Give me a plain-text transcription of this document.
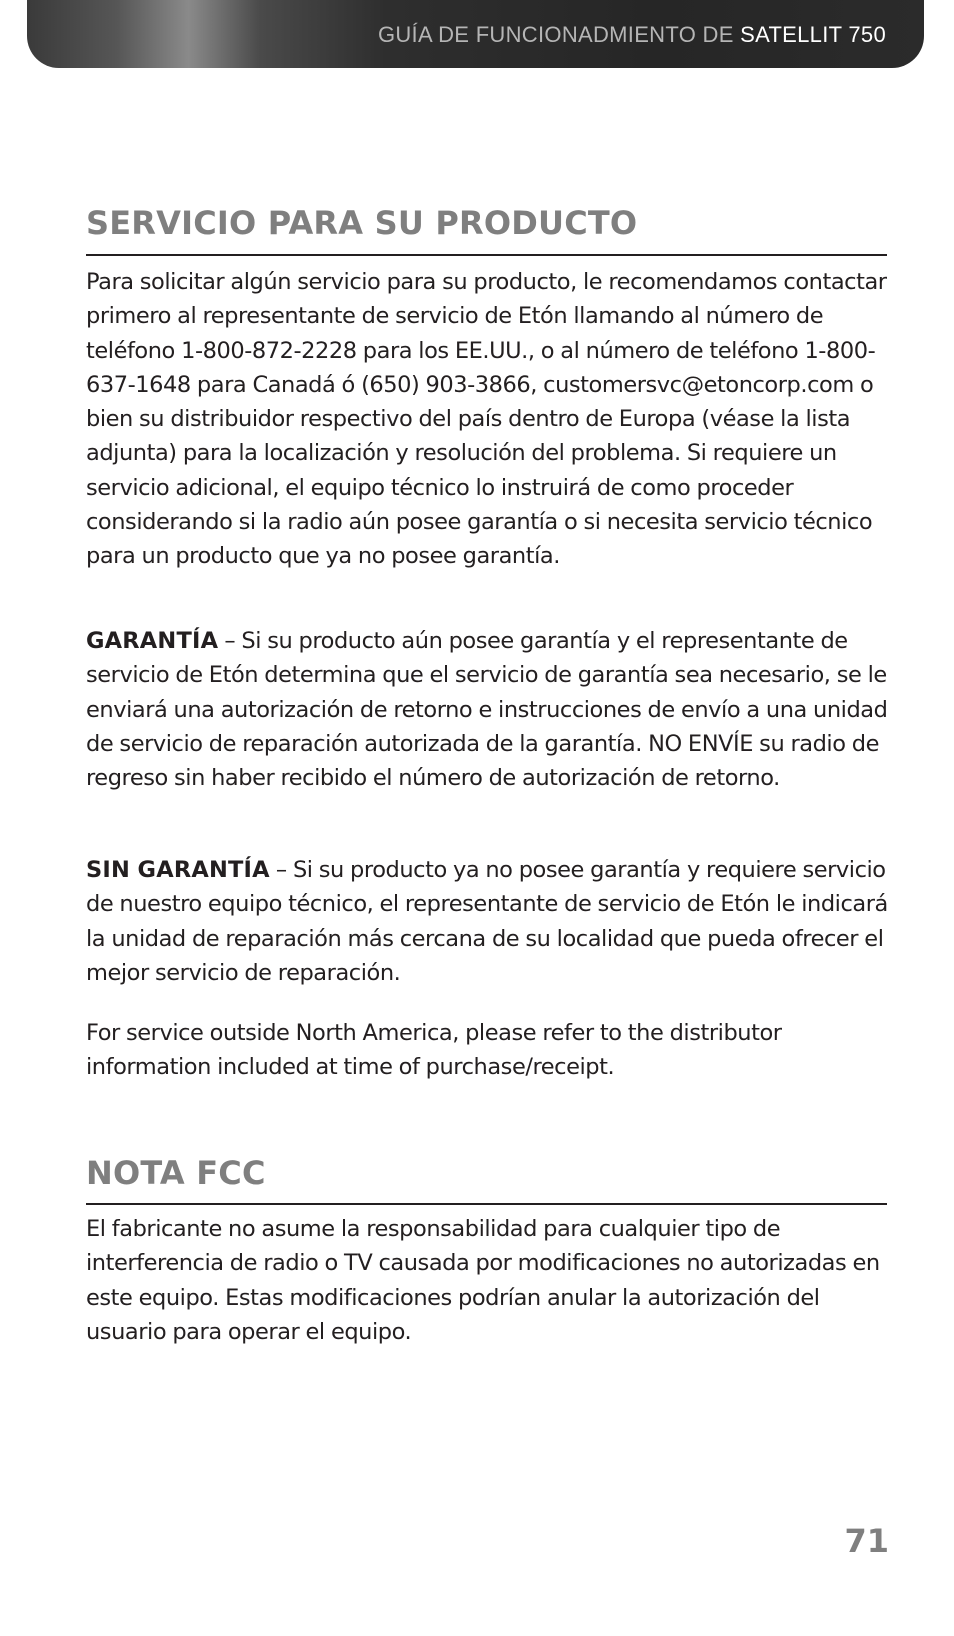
GUÍA DE FUNCIONADMIENTO DE SATELLIT 750
SERVICIO PARA SU PRODUCTO

Para solicitar algún servicio para su producto, le recomendamos contactar primero al representante de servicio de Etón llamando al número de teléfono 1-800-872-2228 para los EE.UU., o al número de teléfono 1-800-637-1648 para Canadá ó (650) 903-3866, customersvc@etoncorp.com o bien su distribuidor respectivo del país dentro de Europa (véase la lista adjunta) para la localización y resolución del problema. Si requiere un servicio adicional, el equipo técnico lo instruirá de como proceder considerando si la radio aún posee garantía o si necesita servicio técnico para un producto que ya no posee garantía.

GARANTÍA – Si su producto aún posee garantía y el representante de servicio de Etón determina que el servicio de garantía sea necesario, se le enviará una autorización de retorno e instrucciones de envío a una unidad de servicio de reparación autorizada de la garantía. NO ENVÍE su radio de regreso sin haber recibido el número de autorización de retorno.

SIN GARANTÍA – Si su producto ya no posee garantía y requiere servicio de nuestro equipo técnico, el representante de servicio de Etón le indicará la unidad de reparación más cercana de su localidad que pueda ofrecer el mejor servicio de reparación.

For service outside North America, please refer to the distributor information included at time of purchase/receipt.

NOTA FCC

El fabricante no asume la responsabilidad para cualquier tipo de interferencia de radio o TV causada por modificaciones no autorizadas en este equipo. Estas modificaciones podrían anular la autorización del usuario para operar el equipo.

71
